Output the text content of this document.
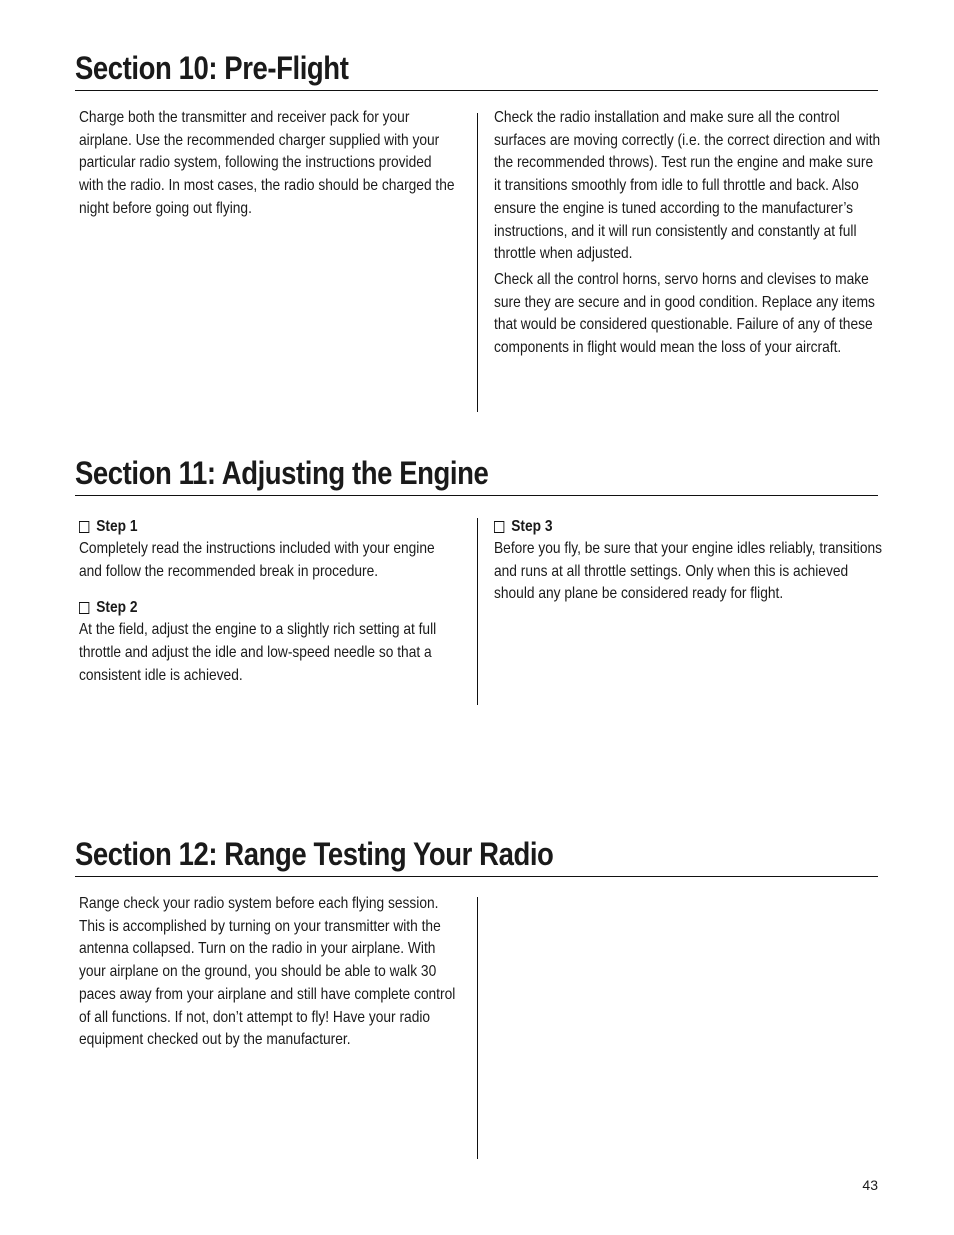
Section 10: Pre-Flight

Charge both the transmitter and receiver pack for your airplane. Use the recommended charger supplied with your particular radio system, following the instructions provided with the radio. In most cases, the radio should be charged the night before going out flying.

Check the radio installation and make sure all the control surfaces are moving correctly (i.e. the correct direction and with the recommended throws). Test run the engine and make sure it transitions smoothly from idle to full throttle and back. Also ensure the engine is tuned according to the manufacturer’s instructions, and it will run consistently and constantly at full throttle when adjusted.

Check all the control horns, servo horns and clevises to make sure they are secure and in good condition. Replace any items that would be considered questionable. Failure of any of these components in flight would mean the loss of your aircraft.

Section 11: Adjusting the Engine
Step 1

Completely read the instructions included with your engine and follow the recommended break in procedure.

Step 2

At the field, adjust the engine to a slightly rich setting at full throttle and adjust the idle and low-speed needle so that a consistent idle is achieved.

Step 3

Before you fly, be sure that your engine idles reliably, transitions and runs at all throttle settings. Only when this is achieved should any plane be considered ready for flight.

Section 12: Range Testing Your Radio

Range check your radio system before each flying session. This is accomplished by turning on your transmitter with the antenna collapsed. Turn on the radio in your airplane. With your airplane on the ground, you should be able to walk 30 paces away from your airplane and still have complete control of all functions. If not, don’t attempt to fly! Have your radio equipment checked out by the manufacturer.

43
